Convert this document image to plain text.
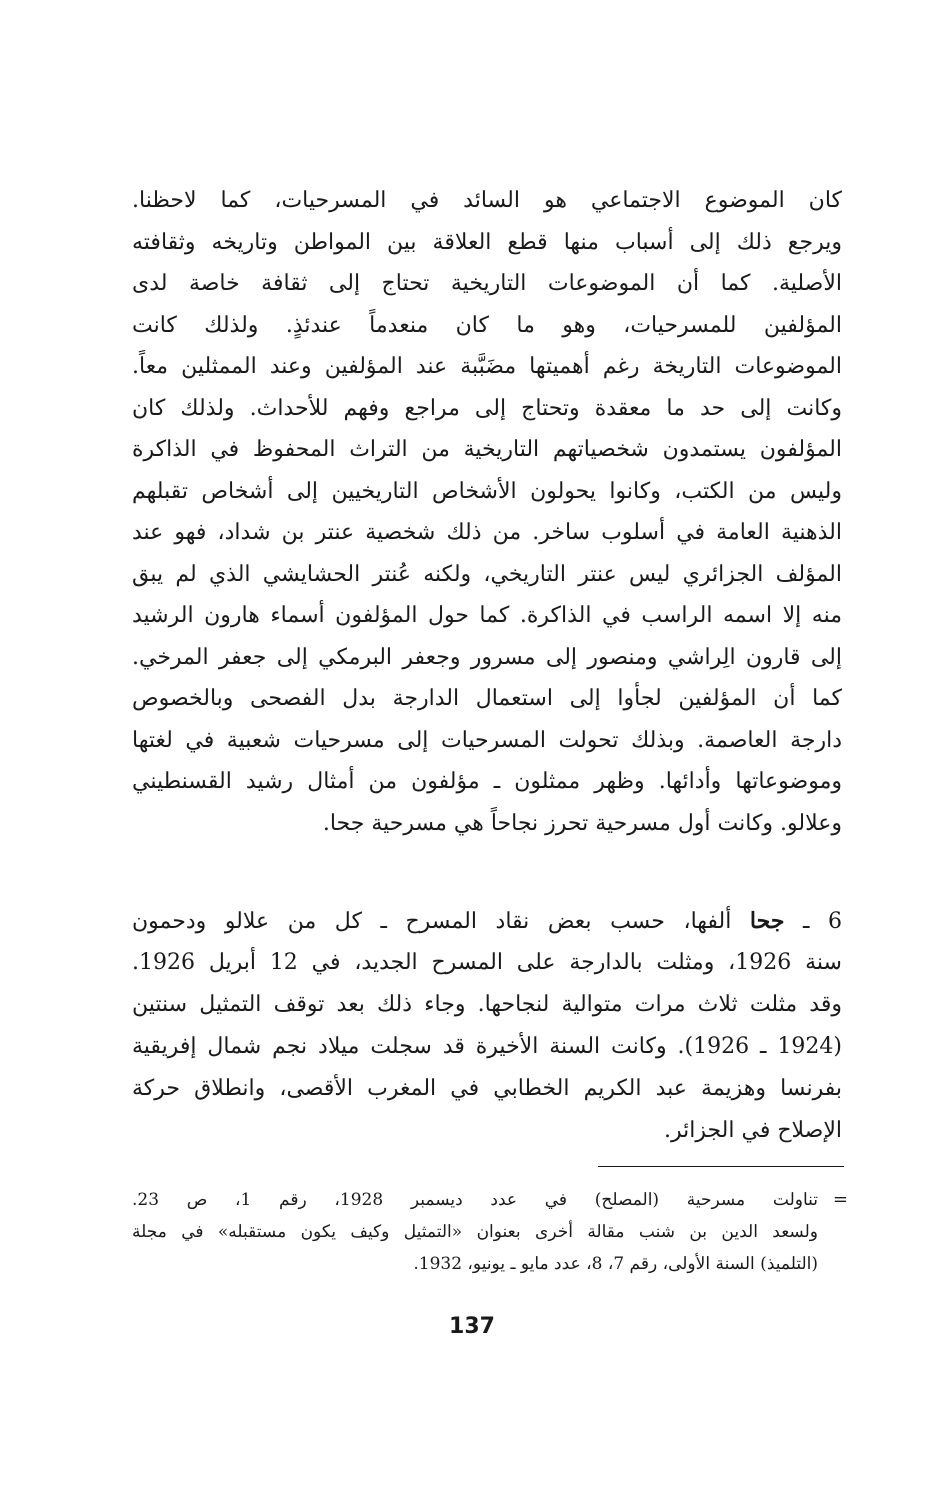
كان الموضوع الاجتماعي هو السائد في المسرحيات، كما لاحظنا.
ويرجع ذلك إلى أسباب منها قطع العلاقة بين المواطن وتاريخه وثقافته
الأصلية. كما أن الموضوعات التاريخية تحتاج إلى ثقافة خاصة لدى
المؤلفين للمسرحيات، وهو ما كان منعدماً عندئذٍ. ولذلك كانت
الموضوعات التاريخة رغم أهميتها مضَبَّبة عند المؤلفين وعند الممثلين معاً.
وكانت إلى حد ما معقدة وتحتاج إلى مراجع وفهم للأحداث. ولذلك كان
المؤلفون يستمدون شخصياتهم التاريخية من التراث المحفوظ في الذاكرة
وليس من الكتب، وكانوا يحولون الأشخاص التاريخيين إلى أشخاص تقبلهم
الذهنية العامة في أسلوب ساخر. من ذلك شخصية عنتر بن شداد، فهو عند
المؤلف الجزائري ليس عنتر التاريخي، ولكنه عُنتر الحشايشي الذي لم يبق
منه إلا اسمه الراسب في الذاكرة. كما حول المؤلفون أسماء هارون الرشيد
إلى قارون الِراشي ومنصور إلى مسرور وجعفر البرمكي إلى جعفر المرخي.
كما أن المؤلفين لجأوا إلى استعمال الدارجة بدل الفصحى وبالخصوص
دارجة العاصمة. وبذلك تحولت المسرحيات إلى مسرحيات شعبية في لغتها
وموضوعاتها وأدائها. وظهر ممثلون ـ مؤلفون من أمثال رشيد القسنطيني
وعلالو. وكانت أول مسرحية تحرز نجاحاً هي مسرحية جحا.
6 ـ جحا ألفها، حسب بعض نقاد المسرح ـ كل من علالو ودحمون
سنة 1926، ومثلت بالدارجة على المسرح الجديد، في 12 أبريل 1926.
وقد مثلت ثلاث مرات متوالية لنجاحها. وجاء ذلك بعد توقف التمثيل سنتين
(1924 ـ 1926). وكانت السنة الأخيرة قد سجلت ميلاد نجم شمال إفريقية
بفرنسا وهزيمة عبد الكريم الخطابي في المغرب الأقصى، وانطلاق حركة
الإصلاح في الجزائر.
=
تناولت مسرحية (المصلح) في عدد ديسمبر 1928، رقم 1، ص 23.
ولسعد الدين بن شنب مقالة أخرى بعنوان «التمثيل وكيف يكون مستقبله» في مجلة
(التلميذ) السنة الأولى، رقم 7، 8، عدد مايو ـ يونيو، 1932.
137
